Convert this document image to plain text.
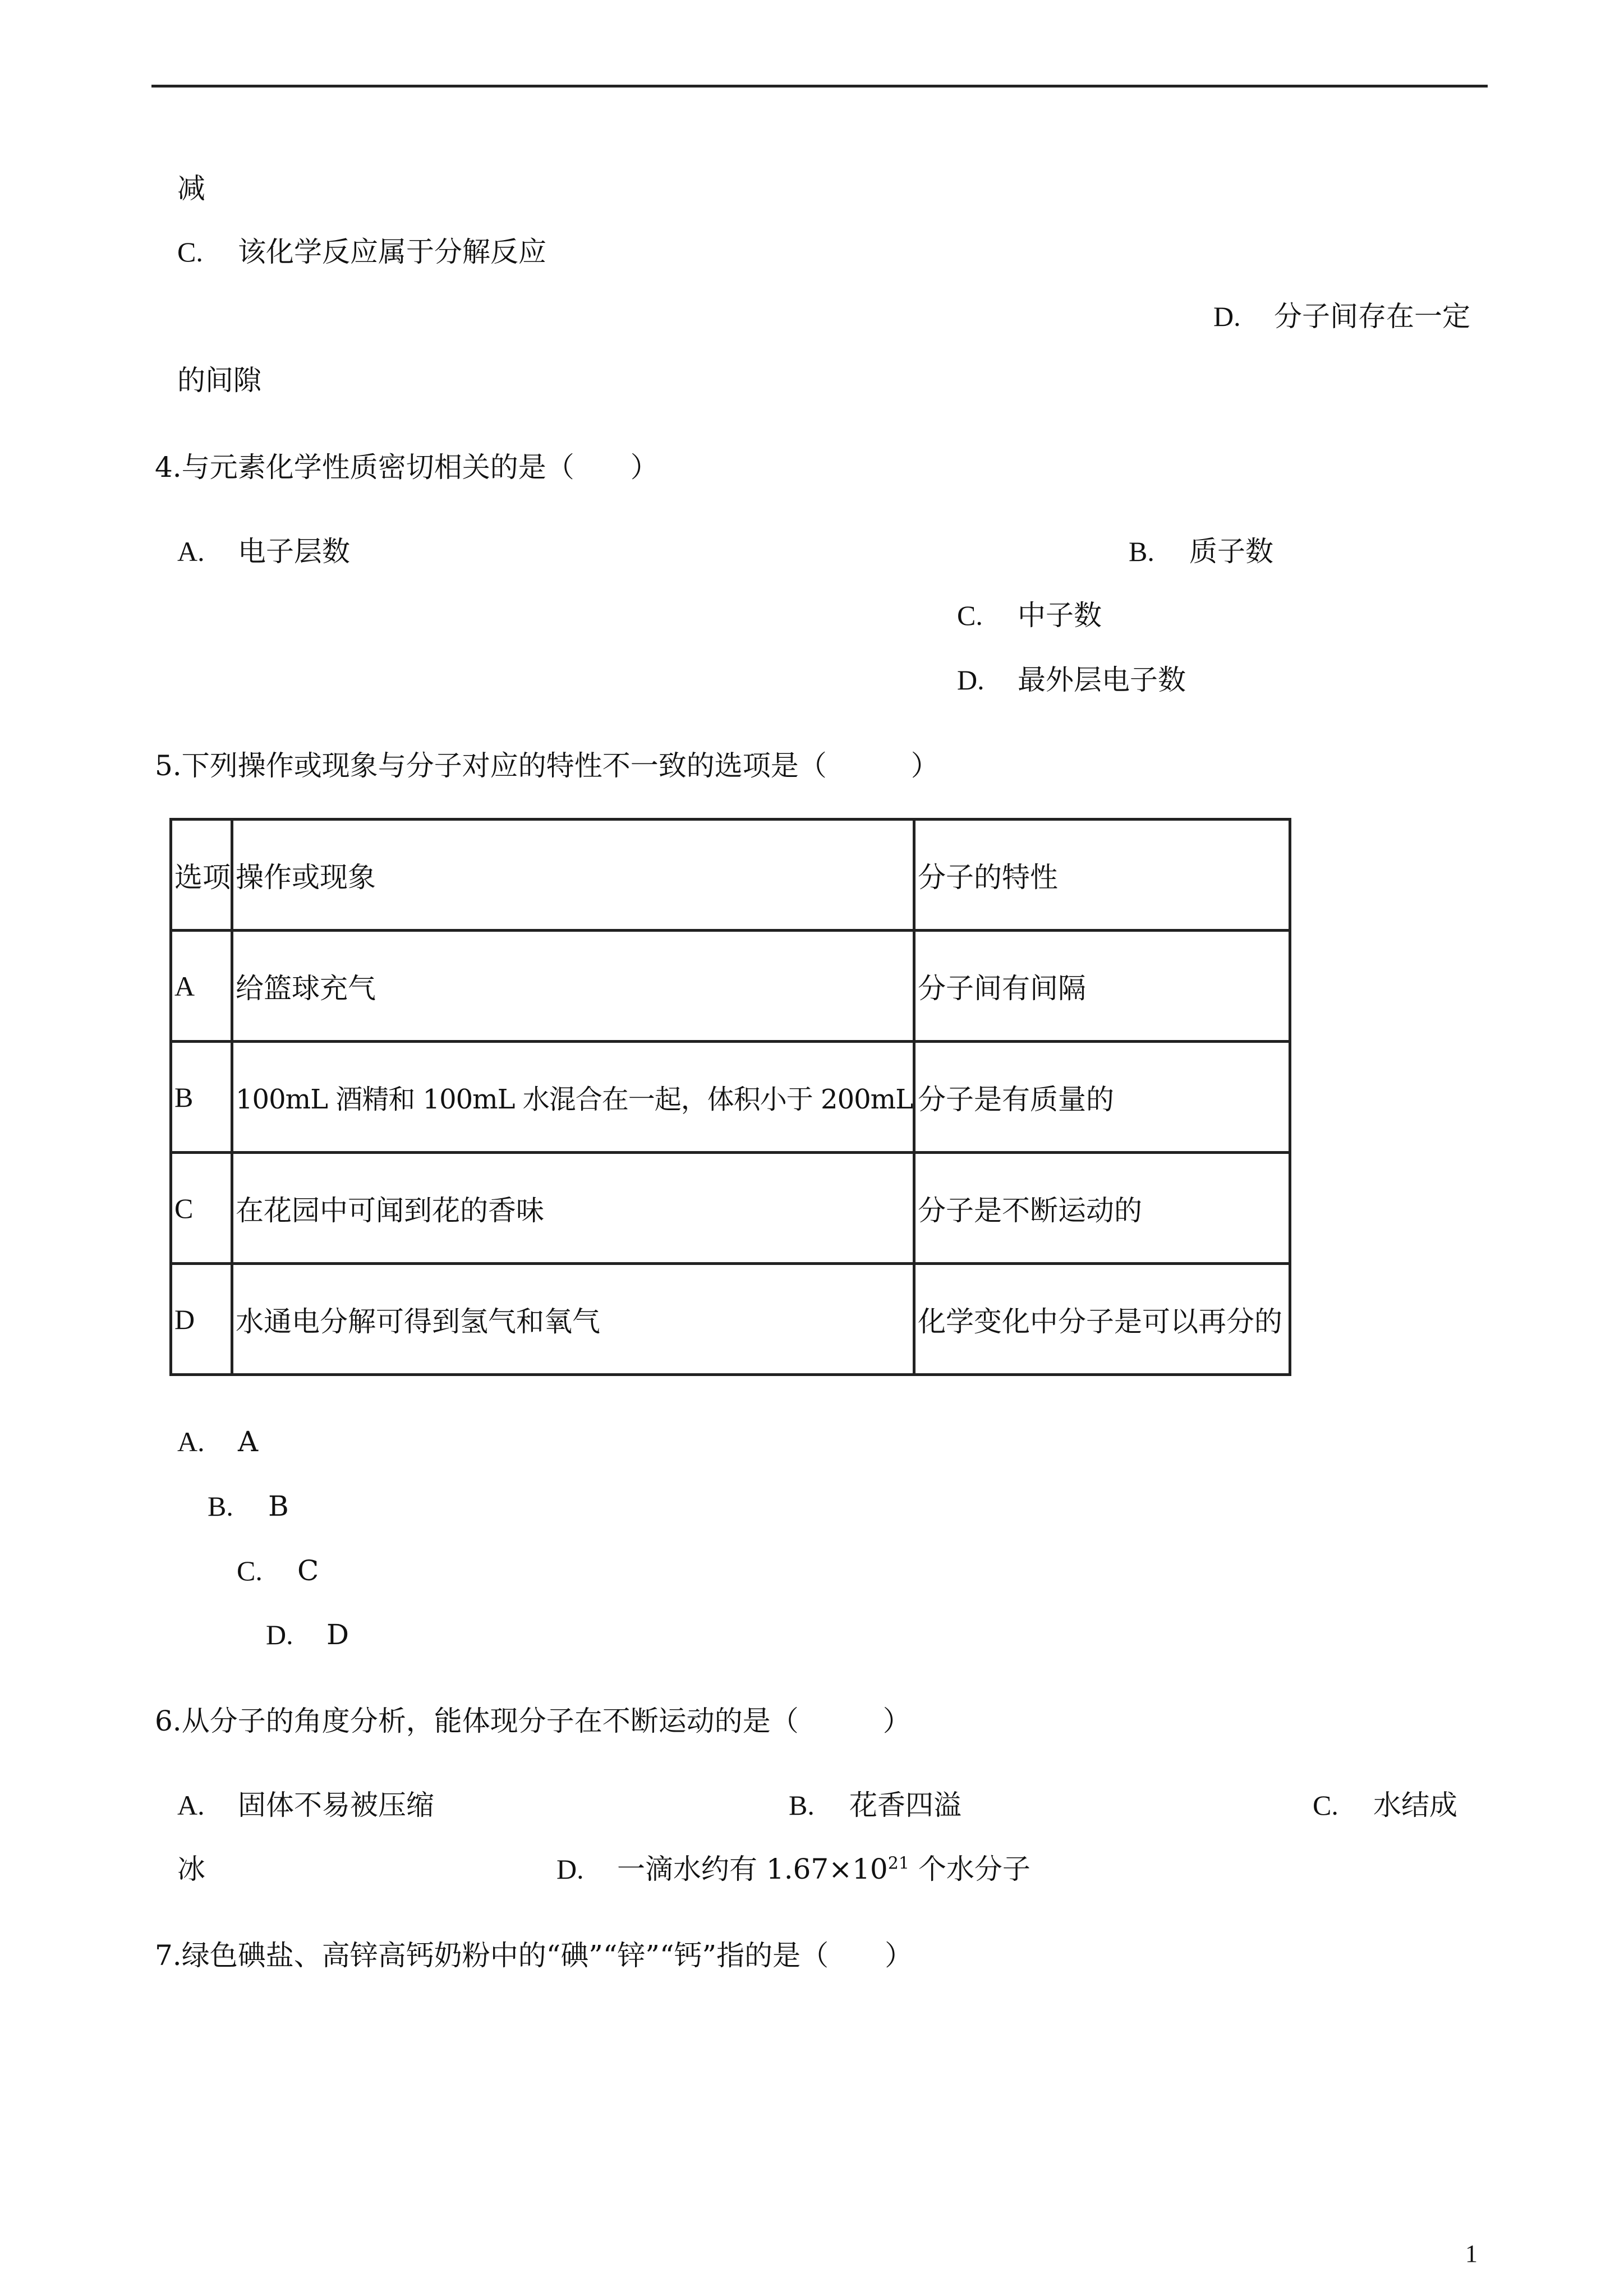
减
C. 该化学反应属于分解反应
D. 分子间存在一定
的间隙
4.与元素化学性质密切相关的是（　　）
A. 电子层数	B. 质子数
C. 中子数
D. 最外层电子数
5.下列操作或现象与分子对应的特性不一致的选项是（　　　）
选项	操作或现象	分子的特性
A	给篮球充气	分子间有间隔
B	100mL 酒精和 100mL 水混合在一起，体积小于 200mL	分子是有质量的
C	在花园中可闻到花的香味	分子是不断运动的
D	水通电分解可得到氢气和氧气	化学变化中分子是可以再分的
A. A
B. B
C. C
D. D
6.从分子的角度分析，能体现分子在不断运动的是（　　　）
A. 固体不易被压缩	B. 花香四溢	C. 水结成
冰	D. 一滴水约有 $1.67\times 10^{21}$ 个水分子
7.绿色碘盐、高锌高钙奶粉中的“碘”“锌”“钙”指的是（　　）
1
